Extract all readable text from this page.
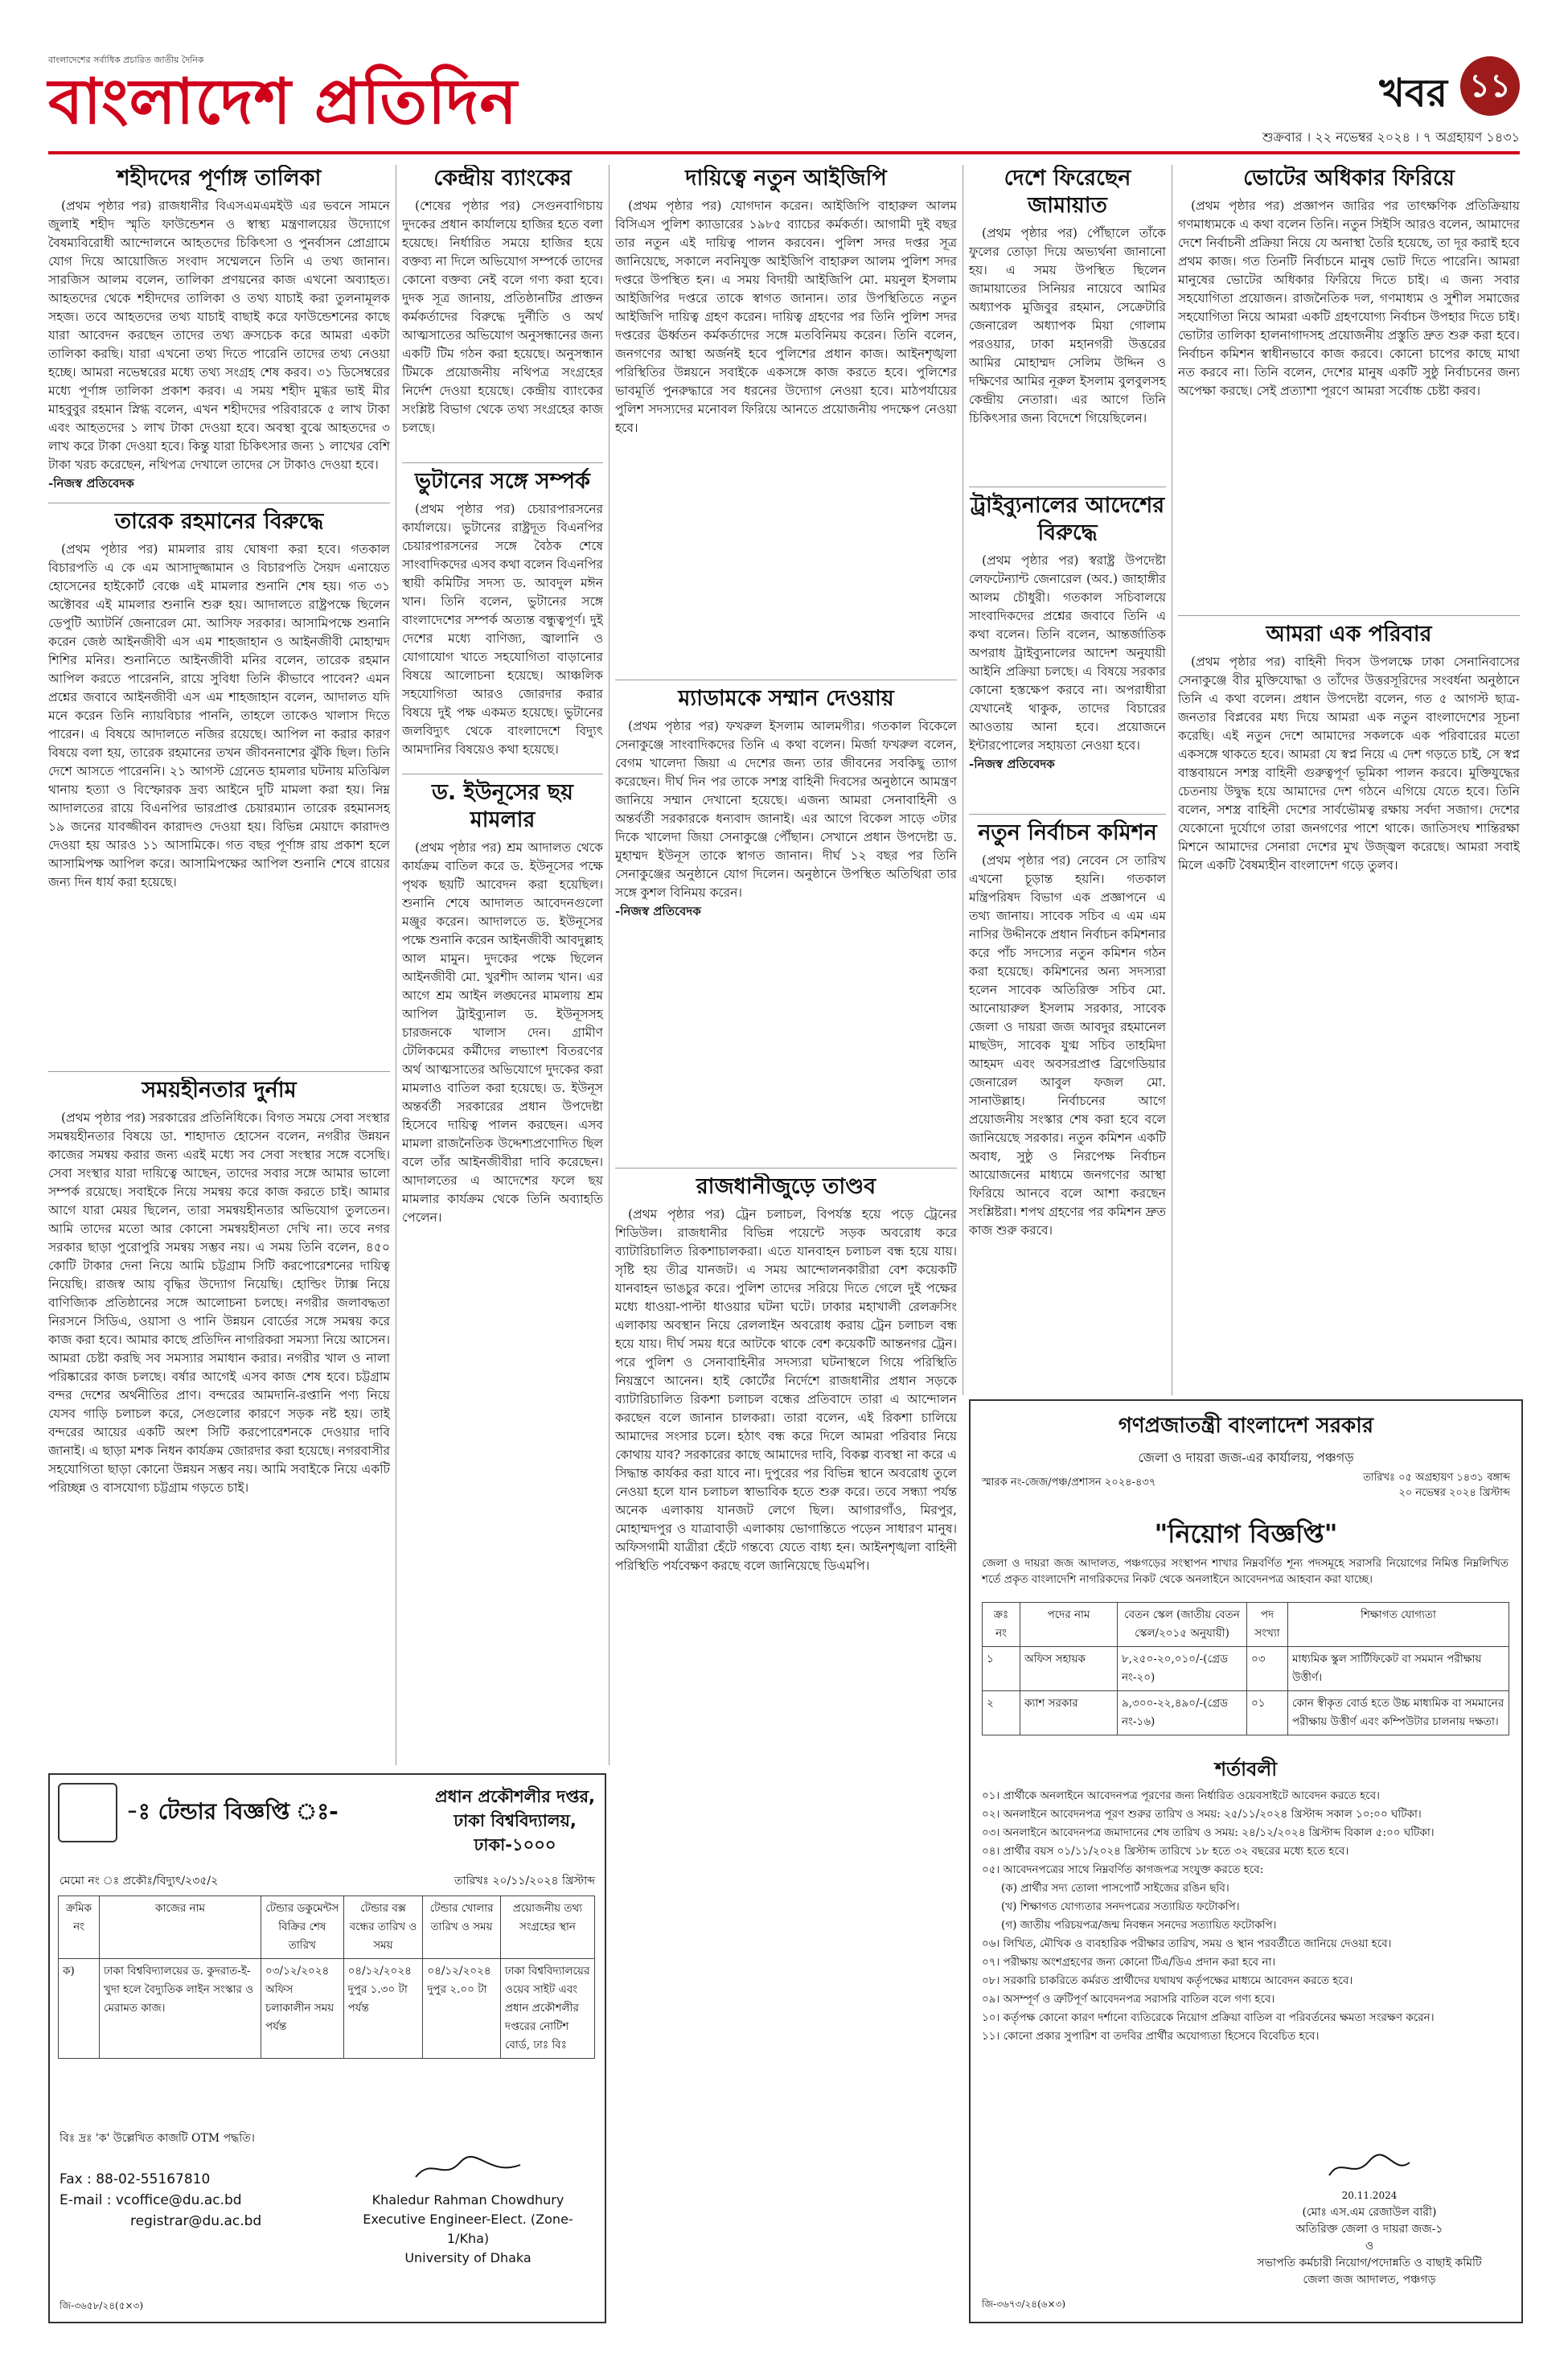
বাংলাদেশের সর্বাধিক প্রচারিত জাতীয় দৈনিক
বাংলাদেশ প্রতিদিন	খবর ১১
শুক্রবার । ২২ নভেম্বর ২০২৪ । ৭ অগ্রহায়ণ ১৪৩১
শহীদদের পূর্ণাঙ্গ তালিকা

(প্রথম পৃষ্ঠার পর) রাজধানীর বিএসএমএমইউ এর ভবনে সামনে জুলাই শহীদ স্মৃতি ফাউন্ডেশন ও স্বাস্থ্য মন্ত্রণালয়ের উদ্যোগে বৈষম্যবিরোধী আন্দোলনে আহতদের চিকিৎসা ও পুনর্বাসন প্রোগ্রামে যোগ দিয়ে আয়োজিত সংবাদ সম্মেলনে তিনি এ তথ্য জানান। সারজিস আলম বলেন, তালিকা প্রণয়নের কাজ এখনো অব্যাহত। আহতদের থেকে শহীদদের তালিকা ও তথ্য যাচাই করা তুলনামূলক সহজ। তবে আহতদের তথ্য যাচাই বাছাই করে ফাউন্ডেশনের কাছে যারা আবেদন করছেন তাদের তথ্য ক্রসচেক করে আমরা একটা তালিকা করছি। যারা এখনো তথ্য দিতে পারেনি তাদের তথ্য নেওয়া হচ্ছে। আমরা নভেম্বরের মধ্যে তথ্য সংগ্রহ শেষ করব। ৩১ ডিসেম্বরের মধ্যে পূর্ণাঙ্গ তালিকা প্রকাশ করব। এ সময় শহীদ মুগ্ধর ভাই মীর মাহবুবুর রহমান স্নিগ্ধ বলেন, এখন শহীদদের পরিবারকে ৫ লাখ টাকা এবং আহতদের ১ লাখ টাকা দেওয়া হবে। অবস্থা বুঝে আহতদের ৩ লাখ করে টাকা দেওয়া হবে। কিন্তু যারা চিকিৎসার জন্য ১ লাখের বেশি টাকা খরচ করেছেন, নথিপত্র দেখালে তাদের সে টাকাও দেওয়া হবে।

-নিজস্ব প্রতিবেদক
তারেক রহমানের বিরুদ্ধে

(প্রথম পৃষ্ঠার পর) মামলার রায় ঘোষণা করা হবে। গতকাল বিচারপতি এ কে এম আসাদুজ্জামান ও বিচারপতি সৈয়দ এনায়েত হোসেনের হাইকোর্ট বেঞ্চে এই মামলার শুনানি শেষ হয়। গত ৩১ অক্টোবর এই মামলার শুনানি শুরু হয়। আদালতে রাষ্ট্রপক্ষে ছিলেন ডেপুটি অ্যাটর্নি জেনারেল মো. আসিফ সরকার। আসামিপক্ষে শুনানি করেন জেষ্ঠ আইনজীবী এস এম শাহজাহান ও আইনজীবী মোহাম্মদ শিশির মনির। শুনানিতে আইনজীবী মনির বলেন, তারেক রহমান আপিল করতে পারেননি, রায়ে সুবিধা তিনি কীভাবে পাবেন? এমন প্রশ্নের জবাবে আইনজীবী এস এম শাহজাহান বলেন, আদালত যদি মনে করেন তিনি ন্যায়বিচার পাননি, তাহলে তাকেও খালাস দিতে পারেন। এ বিষয়ে আদালতে নজির রয়েছে। আপিল না করার কারণ বিষয়ে বলা হয়, তারেক রহমানের তখন জীবননাশের ঝুঁকি ছিল। তিনি দেশে আসতে পারেননি। ২১ আগস্ট গ্রেনেড হামলার ঘটনায় মতিঝিল থানায় হত্যা ও বিস্ফোরক দ্রব্য আইনে দুটি মামলা করা হয়। নিম্ন আদালতের রায়ে বিএনপির ভারপ্রাপ্ত চেয়ারম্যান তারেক রহমানসহ ১৯ জনের যাবজ্জীবন কারাদণ্ড দেওয়া হয়। বিভিন্ন মেয়াদে কারাদণ্ড দেওয়া হয় আরও ১১ আসামিকে। গত বছর পূর্ণাঙ্গ রায় প্রকাশ হলে আসামিপক্ষ আপিল করে। আসামিপক্ষের আপিল শুনানি শেষে রায়ের জন্য দিন ধার্য করা হয়েছে।

সময়হীনতার দুর্নাম

(প্রথম পৃষ্ঠার পর) সরকারের প্রতিনিধিকে। বিগত সময়ে সেবা সংস্থার সমন্বয়হীনতার বিষয়ে ডা. শাহাদাত হোসেন বলেন, নগরীর উন্নয়ন কাজের সমন্বয় করার জন্য এরই মধ্যে সব সেবা সংস্থার সঙ্গে বসেছি। সেবা সংস্থার যারা দায়িত্বে আছেন, তাদের সবার সঙ্গে আমার ভালো সম্পর্ক রয়েছে। সবাইকে নিয়ে সমন্বয় করে কাজ করতে চাই। আমার আগে যারা মেয়র ছিলেন, তারা সমন্বয়হীনতার অভিযোগ তুলতেন। আমি তাদের মতো আর কোনো সমন্বয়হীনতা দেখি না। তবে নগর সরকার ছাড়া পুরোপুরি সমন্বয় সম্ভব নয়। এ সময় তিনি বলেন, ৪৫০ কোটি টাকার দেনা নিয়ে আমি চট্টগ্রাম সিটি করপোরেশনের দায়িত্ব নিয়েছি। রাজস্ব আয় বৃদ্ধির উদ্যোগ নিয়েছি। হোল্ডিং ট্যাক্স নিয়ে বাণিজ্যিক প্রতিষ্ঠানের সঙ্গে আলোচনা চলছে। নগরীর জলাবদ্ধতা নিরসনে সিডিএ, ওয়াসা ও পানি উন্নয়ন বোর্ডের সঙ্গে সমন্বয় করে কাজ করা হবে। আমার কাছে প্রতিদিন নাগরিকরা সমস্যা নিয়ে আসেন। আমরা চেষ্টা করছি সব সমস্যার সমাধান করার। নগরীর খাল ও নালা পরিষ্কারের কাজ চলছে। বর্ষার আগেই এসব কাজ শেষ হবে। চট্টগ্রাম বন্দর দেশের অর্থনীতির প্রাণ। বন্দরের আমদানি-রপ্তানি পণ্য নিয়ে যেসব গাড়ি চলাচল করে, সেগুলোর কারণে সড়ক নষ্ট হয়। তাই বন্দরের আয়ের একটি অংশ সিটি করপোরেশনকে দেওয়ার দাবি জানাই। এ ছাড়া মশক নিধন কার্যক্রম জোরদার করা হয়েছে। নগরবাসীর সহযোগিতা ছাড়া কোনো উন্নয়ন সম্ভব নয়। আমি সবাইকে নিয়ে একটি পরিচ্ছন্ন ও বাসযোগ্য চট্টগ্রাম গড়তে চাই।

কেন্দ্রীয় ব্যাংকের

(শেষের পৃষ্ঠার পর) সেগুনবাগিচায় দুদকের প্রধান কার্যালয়ে হাজির হতে বলা হয়েছে। নির্ধারিত সময়ে হাজির হয়ে বক্তব্য না দিলে অভিযোগ সম্পর্কে তাদের কোনো বক্তব্য নেই বলে গণ্য করা হবে। দুদক সূত্র জানায়, প্রতিষ্ঠানটির প্রাক্তন কর্মকর্তাদের বিরুদ্ধে দুর্নীতি ও অর্থ আত্মসাতের অভিযোগ অনুসন্ধানের জন্য একটি টিম গঠন করা হয়েছে। অনুসন্ধান টিমকে প্রয়োজনীয় নথিপত্র সংগ্রহের নির্দেশ দেওয়া হয়েছে। কেন্দ্রীয় ব্যাংকের সংশ্লিষ্ট বিভাগ থেকে তথ্য সংগ্রহের কাজ চলছে।

ভুটানের সঙ্গে সম্পর্ক

(প্রথম পৃষ্ঠার পর) চেয়ারপারসনের কার্যালয়ে। ভুটানের রাষ্ট্রদূত বিএনপির চেয়ারপারসনের সঙ্গে বৈঠক শেষে সাংবাদিকদের এসব কথা বলেন বিএনপির স্থায়ী কমিটির সদস্য ড. আবদুল মঈন খান। তিনি বলেন, ভুটানের সঙ্গে বাংলাদেশের সম্পর্ক অত্যন্ত বন্ধুত্বপূর্ণ। দুই দেশের মধ্যে বাণিজ্য, জ্বালানি ও যোগাযোগ খাতে সহযোগিতা বাড়ানোর বিষয়ে আলোচনা হয়েছে। আঞ্চলিক সহযোগিতা আরও জোরদার করার বিষয়ে দুই পক্ষ একমত হয়েছে। ভুটানের জলবিদ্যুৎ থেকে বাংলাদেশে বিদ্যুৎ আমদানির বিষয়েও কথা হয়েছে।

ড. ইউনূসের ছয় মামলার

(প্রথম পৃষ্ঠার পর) শ্রম আদালত থেকে কার্যক্রম বাতিল করে ড. ইউনূসের পক্ষে পৃথক ছয়টি আবেদন করা হয়েছিল। শুনানি শেষে আদালত আবেদনগুলো মঞ্জুর করেন। আদালতে ড. ইউনূসের পক্ষে শুনানি করেন আইনজীবী আবদুল্লাহ আল মামুন। দুদকের পক্ষে ছিলেন আইনজীবী মো. খুরশীদ আলম খান। এর আগে শ্রম আইন লঙ্ঘনের মামলায় শ্রম আপিল ট্রাইব্যুনাল ড. ইউনূসসহ চারজনকে খালাস দেন। গ্রামীণ টেলিকমের কর্মীদের লভ্যাংশ বিতরণের অর্থ আত্মসাতের অভিযোগে দুদকের করা মামলাও বাতিল করা হয়েছে। ড. ইউনূস অন্তর্বর্তী সরকারের প্রধান উপদেষ্টা হিসেবে দায়িত্ব পালন করছেন। এসব মামলা রাজনৈতিক উদ্দেশ্যপ্রণোদিত ছিল বলে তাঁর আইনজীবীরা দাবি করেছেন। আদালতের এ আদেশের ফলে ছয় মামলার কার্যক্রম থেকে তিনি অব্যাহতি পেলেন।

দায়িত্বে নতুন আইজিপি

(প্রথম পৃষ্ঠার পর) যোগদান করেন। আইজিপি বাহারুল আলম বিসিএস পুলিশ ক্যাডারের ১৯৮৫ ব্যাচের কর্মকর্তা। আগামী দুই বছর তার নতুন এই দায়িত্ব পালন করবেন। পুলিশ সদর দপ্তর সূত্র জানিয়েছে, সকালে নবনিযুক্ত আইজিপি বাহারুল আলম পুলিশ সদর দপ্তরে উপস্থিত হন। এ সময় বিদায়ী আইজিপি মো. ময়নুল ইসলাম আইজিপির দপ্তরে তাকে স্বাগত জানান। তার উপস্থিতিতে নতুন আইজিপি দায়িত্ব গ্রহণ করেন। দায়িত্ব গ্রহণের পর তিনি পুলিশ সদর দপ্তরের ঊর্ধ্বতন কর্মকর্তাদের সঙ্গে মতবিনিময় করেন। তিনি বলেন, জনগণের আস্থা অর্জনই হবে পুলিশের প্রধান কাজ। আইনশৃঙ্খলা পরিস্থিতির উন্নয়নে সবাইকে একসঙ্গে কাজ করতে হবে। পুলিশের ভাবমূর্তি পুনরুদ্ধারে সব ধরনের উদ্যোগ নেওয়া হবে। মাঠপর্যায়ের পুলিশ সদস্যদের মনোবল ফিরিয়ে আনতে প্রয়োজনীয় পদক্ষেপ নেওয়া হবে।

ম্যাডামকে সম্মান দেওয়ায়

(প্রথম পৃষ্ঠার পর) ফখরুল ইসলাম আলমগীর। গতকাল বিকেলে সেনাকুঞ্জে সাংবাদিকদের তিনি এ কথা বলেন। মির্জা ফখরুল বলেন, বেগম খালেদা জিয়া এ দেশের জন্য তার জীবনের সবকিছু ত্যাগ করেছেন। দীর্ঘ দিন পর তাকে সশস্ত্র বাহিনী দিবসের অনুষ্ঠানে আমন্ত্রণ জানিয়ে সম্মান দেখানো হয়েছে। এজন্য আমরা সেনাবাহিনী ও অন্তর্বর্তী সরকারকে ধন্যবাদ জানাই। এর আগে বিকেল সাড়ে ৩টার দিকে খালেদা জিয়া সেনাকুঞ্জে পৌঁছান। সেখানে প্রধান উপদেষ্টা ড. মুহাম্মদ ইউনূস তাকে স্বাগত জানান। দীর্ঘ ১২ বছর পর তিনি সেনাকুঞ্জের অনুষ্ঠানে যোগ দিলেন। অনুষ্ঠানে উপস্থিত অতিথিরা তার সঙ্গে কুশল বিনিময় করেন।

-নিজস্ব প্রতিবেদক
রাজধানীজুড়ে তাণ্ডব

(প্রথম পৃষ্ঠার পর) ট্রেন চলাচল, বিপর্যস্ত হয়ে পড়ে ট্রেনের শিডিউল। রাজধানীর বিভিন্ন পয়েন্টে সড়ক অবরোধ করে ব্যাটারিচালিত রিকশাচালকরা। এতে যানবাহন চলাচল বন্ধ হয়ে যায়। সৃষ্টি হয় তীব্র যানজট। এ সময় আন্দোলনকারীরা বেশ কয়েকটি যানবাহন ভাঙচুর করে। পুলিশ তাদের সরিয়ে দিতে গেলে দুই পক্ষের মধ্যে ধাওয়া-পাল্টা ধাওয়ার ঘটনা ঘটে। ঢাকার মহাখালী রেলক্রসিং এলাকায় অবস্থান নিয়ে রেললাইন অবরোধ করায় ট্রেন চলাচল বন্ধ হয়ে যায়। দীর্ঘ সময় ধরে আটকে থাকে বেশ কয়েকটি আন্তনগর ট্রেন। পরে পুলিশ ও সেনাবাহিনীর সদস্যরা ঘটনাস্থলে গিয়ে পরিস্থিতি নিয়ন্ত্রণে আনেন। হাই কোর্টের নির্দেশে রাজধানীর প্রধান সড়কে ব্যাটারিচালিত রিকশা চলাচল বন্ধের প্রতিবাদে তারা এ আন্দোলন করছেন বলে জানান চালকরা। তারা বলেন, এই রিকশা চালিয়ে আমাদের সংসার চলে। হঠাৎ বন্ধ করে দিলে আমরা পরিবার নিয়ে কোথায় যাব? সরকারের কাছে আমাদের দাবি, বিকল্প ব্যবস্থা না করে এ সিদ্ধান্ত কার্যকর করা যাবে না। দুপুরের পর বিভিন্ন স্থানে অবরোধ তুলে নেওয়া হলে যান চলাচল স্বাভাবিক হতে শুরু করে। তবে সন্ধ্যা পর্যন্ত অনেক এলাকায় যানজট লেগে ছিল। আগারগাঁও, মিরপুর, মোহাম্মদপুর ও যাত্রাবাড়ী এলাকায় ভোগান্তিতে পড়েন সাধারণ মানুষ। অফিসগামী যাত্রীরা হেঁটে গন্তব্যে যেতে বাধ্য হন। আইনশৃঙ্খলা বাহিনী পরিস্থিতি পর্যবেক্ষণ করছে বলে জানিয়েছে ডিএমপি।

দেশে ফিরেছেন জামায়াত

(প্রথম পৃষ্ঠার পর) পৌঁছালে তাঁকে ফুলের তোড়া দিয়ে অভ্যর্থনা জানানো হয়। এ সময় উপস্থিত ছিলেন জামায়াতের সিনিয়র নায়েবে আমির অধ্যাপক মুজিবুর রহমান, সেক্রেটারি জেনারেল অধ্যাপক মিয়া গোলাম পরওয়ার, ঢাকা মহানগরী উত্তরের আমির মোহাম্মদ সেলিম উদ্দিন ও দক্ষিণের আমির নূরুল ইসলাম বুলবুলসহ কেন্দ্রীয় নেতারা। এর আগে তিনি চিকিৎসার জন্য বিদেশে গিয়েছিলেন।

ট্রাইব্যুনালের আদেশের বিরুদ্ধে

(প্রথম পৃষ্ঠার পর) স্বরাষ্ট্র উপদেষ্টা লেফটেন্যান্ট জেনারেল (অব.) জাহাঙ্গীর আলম চৌধুরী। গতকাল সচিবালয়ে সাংবাদিকদের প্রশ্নের জবাবে তিনি এ কথা বলেন। তিনি বলেন, আন্তর্জাতিক অপরাধ ট্রাইব্যুনালের আদেশ অনুযায়ী আইনি প্রক্রিয়া চলছে। এ বিষয়ে সরকার কোনো হস্তক্ষেপ করবে না। অপরাধীরা যেখানেই থাকুক, তাদের বিচারের আওতায় আনা হবে। প্রয়োজনে ইন্টারপোলের সহায়তা নেওয়া হবে।

-নিজস্ব প্রতিবেদক
নতুন নির্বাচন কমিশন

(প্রথম পৃষ্ঠার পর) নেবেন সে তারিখ এখনো চূড়ান্ত হয়নি। গতকাল মন্ত্রিপরিষদ বিভাগ এক প্রজ্ঞাপনে এ তথ্য জানায়। সাবেক সচিব এ এম এম নাসির উদ্দীনকে প্রধান নির্বাচন কমিশনার করে পাঁচ সদস্যের নতুন কমিশন গঠন করা হয়েছে। কমিশনের অন্য সদস্যরা হলেন সাবেক অতিরিক্ত সচিব মো. আনোয়ারুল ইসলাম সরকার, সাবেক জেলা ও দায়রা জজ আবদুর রহমানেল মাছউদ, সাবেক যুগ্ম সচিব তাহমিদা আহমদ এবং অবসরপ্রাপ্ত ব্রিগেডিয়ার জেনারেল আবুল ফজল মো. সানাউল্লাহ। নির্বাচনের আগে প্রয়োজনীয় সংস্কার শেষ করা হবে বলে জানিয়েছে সরকার। নতুন কমিশন একটি অবাধ, সুষ্ঠু ও নিরপেক্ষ নির্বাচন আয়োজনের মাধ্যমে জনগণের আস্থা ফিরিয়ে আনবে বলে আশা করছেন সংশ্লিষ্টরা। শপথ গ্রহণের পর কমিশন দ্রুত কাজ শুরু করবে।

ভোটের অধিকার ফিরিয়ে

(প্রথম পৃষ্ঠার পর) প্রজ্ঞাপন জারির পর তাৎক্ষণিক প্রতিক্রিয়ায় গণমাধ্যমকে এ কথা বলেন তিনি। নতুন সিইসি আরও বলেন, আমাদের দেশে নির্বাচনী প্রক্রিয়া নিয়ে যে অনাস্থা তৈরি হয়েছে, তা দূর করাই হবে প্রথম কাজ। গত তিনটি নির্বাচনে মানুষ ভোট দিতে পারেনি। আমরা মানুষের ভোটের অধিকার ফিরিয়ে দিতে চাই। এ জন্য সবার সহযোগিতা প্রয়োজন। রাজনৈতিক দল, গণমাধ্যম ও সুশীল সমাজের সহযোগিতা নিয়ে আমরা একটি গ্রহণযোগ্য নির্বাচন উপহার দিতে চাই। ভোটার তালিকা হালনাগাদসহ প্রয়োজনীয় প্রস্তুতি দ্রুত শুরু করা হবে। নির্বাচন কমিশন স্বাধীনভাবে কাজ করবে। কোনো চাপের কাছে মাথা নত করবে না। তিনি বলেন, দেশের মানুষ একটি সুষ্ঠু নির্বাচনের জন্য অপেক্ষা করছে। সেই প্রত্যাশা পূরণে আমরা সর্বোচ্চ চেষ্টা করব।

আমরা এক পরিবার

(প্রথম পৃষ্ঠার পর) বাহিনী দিবস উপলক্ষে ঢাকা সেনানিবাসের সেনাকুঞ্জে বীর মুক্তিযোদ্ধা ও তাঁদের উত্তরসূরিদের সংবর্ধনা অনুষ্ঠানে তিনি এ কথা বলেন। প্রধান উপদেষ্টা বলেন, গত ৫ আগস্ট ছাত্র-জনতার বিপ্লবের মধ্য দিয়ে আমরা এক নতুন বাংলাদেশের সূচনা করেছি। এই নতুন দেশে আমাদের সকলকে এক পরিবারের মতো একসঙ্গে থাকতে হবে। আমরা যে স্বপ্ন নিয়ে এ দেশ গড়তে চাই, সে স্বপ্ন বাস্তবায়নে সশস্ত্র বাহিনী গুরুত্বপূর্ণ ভূমিকা পালন করবে। মুক্তিযুদ্ধের চেতনায় উদ্বুদ্ধ হয়ে আমাদের দেশ গঠনে এগিয়ে যেতে হবে। তিনি বলেন, সশস্ত্র বাহিনী দেশের সার্বভৌমত্ব রক্ষায় সর্বদা সজাগ। দেশের যেকোনো দুর্যোগে তারা জনগণের পাশে থাকে। জাতিসংঘ শান্তিরক্ষা মিশনে আমাদের সেনারা দেশের মুখ উজ্জ্বল করেছে। আমরা সবাই মিলে একটি বৈষম্যহীন বাংলাদেশ গড়ে তুলব।

-ঃ টেন্ডার বিজ্ঞপ্তি ঃ-
প্রধান প্রকৌশলীর দপ্তর,
ঢাকা বিশ্ববিদ্যালয়,
ঢাকা-১০০০
মেমো নং ঃ প্রকৌঃ/বিদ্যুৎ/২৩৫/২	তারিখঃ ২০/১১/২০২৪ খ্রিস্টাব্দ
ক্রমিক নং	কাজের নাম	টেন্ডার ডকুমেন্টস বিক্রির শেষ তারিখ	টেন্ডার বক্স বন্ধের তারিখ ও সময়	টেন্ডার খোলার তারিখ ও সময়	প্রয়োজনীয় তথ্য সংগ্রহের স্থান
ক)	ঢাকা বিশ্ববিদ্যালয়ের ড. কুদরাত-ই-খুদা হলে বৈদ্যুতিক লাইন সংস্কার ও মেরামত কাজ।	০৩/১২/২০২৪ অফিস চলাকালীন সময় পর্যন্ত	০৪/১২/২০২৪ দুপুর ১.৩০ টা পর্যন্ত	০৪/১২/২০২৪ দুপুর ২.০০ টা	ঢাকা বিশ্ববিদ্যালয়ের ওয়েব সাইট এবং প্রধান প্রকৌশলীর দপ্তরের নোটিশ বোর্ড, ঢাঃ বিঃ
বিঃ দ্রঃ 'ক' উল্লেখিত কাজটি OTM পদ্ধতি।
Fax : 88-02-55167810
E-mail : vcoffice@du.ac.bd
registrar@du.ac.bd
Khaledur Rahman Chowdhury
Executive Engineer-Elect. (Zone-1/Kha)
University of Dhaka
জি-৩৬৫৮/২৪(৫×৩)
গণপ্রজাতন্ত্রী বাংলাদেশ সরকার
জেলা ও দায়রা জজ-এর কার্যালয়, পঞ্চগড়
স্মারক নং-জেজ/পঞ্চ/প্রশাসন ২০২৪-৪৩৭	তারিখঃ ০৫ অগ্রহায়ণ ১৪৩১ বঙ্গাব্দ
২০ নভেম্বর ২০২৪ খ্রিস্টাব্দ
"নিয়োগ বিজ্ঞপ্তি"
জেলা ও দায়রা জজ আদালত, পঞ্চগড়ের সংস্থাপন শাখার নিম্নবর্ণিত শূন্য পদসমূহে সরাসরি নিয়োগের নিমিত্ত নিম্নলিখিত শর্তে প্রকৃত বাংলাদেশি নাগরিকদের নিকট থেকে অনলাইনে আবেদনপত্র আহবান করা যাচ্ছে।
ক্রঃ নং	পদের নাম	বেতন স্কেল (জাতীয় বেতন স্কেল/২০১৫ অনুযায়ী)	পদ সংখ্যা	শিক্ষাগত যোগ্যতা
১	অফিস সহায়ক	৮,২৫০-২০,০১০/-(গ্রেড নং-২০)	০৩	মাধ্যমিক স্কুল সার্টিফিকেট বা সমমান পরীক্ষায় উত্তীর্ণ।
২	ক্যাশ সরকার	৯,৩০০-২২,৪৯০/-(গ্রেড নং-১৬)	০১	কোন স্বীকৃত বোর্ড হতে উচ্চ মাধ্যমিক বা সমমানের পরীক্ষায় উত্তীর্ণ এবং কম্পিউটার চালনায় দক্ষতা।
শর্তাবলী
০১। প্রার্থীকে অনলাইনে আবেদনপত্র পূরণের জন্য নির্ধারিত ওয়েবসাইটে আবেদন করতে হবে।
০২। অনলাইনে আবেদনপত্র পূরণ শুরুর তারিখ ও সময়: ২৫/১১/২০২৪ খ্রিস্টাব্দ সকাল ১০:০০ ঘটিকা।
০৩। অনলাইনে আবেদনপত্র জমাদানের শেষ তারিখ ও সময়: ২৪/১২/২০২৪ খ্রিস্টাব্দ বিকাল ৫:০০ ঘটিকা।
০৪। প্রার্থীর বয়স ০১/১১/২০২৪ খ্রিস্টাব্দ তারিখে ১৮ হতে ৩২ বছরের মধ্যে হতে হবে।
০৫। আবেদনপত্রের সাথে নিম্নবর্ণিত কাগজপত্র সংযুক্ত করতে হবে:
(ক) প্রার্থীর সদ্য তোলা পাসপোর্ট সাইজের রঙিন ছবি।
(খ) শিক্ষাগত যোগ্যতার সনদপত্রের সত্যায়িত ফটোকপি।
(গ) জাতীয় পরিচয়পত্র/জন্ম নিবন্ধন সনদের সত্যায়িত ফটোকপি।
০৬। লিখিত, মৌখিক ও ব্যবহারিক পরীক্ষার তারিখ, সময় ও স্থান পরবর্তীতে জানিয়ে দেওয়া হবে।
০৭। পরীক্ষায় অংশগ্রহণের জন্য কোনো টিএ/ডিএ প্রদান করা হবে না।
০৮। সরকারি চাকরিতে কর্মরত প্রার্থীদের যথাযথ কর্তৃপক্ষের মাধ্যমে আবেদন করতে হবে।
০৯। অসম্পূর্ণ ও ত্রুটিপূর্ণ আবেদনপত্র সরাসরি বাতিল বলে গণ্য হবে।
১০। কর্তৃপক্ষ কোনো কারণ দর্শানো ব্যতিরেকে নিয়োগ প্রক্রিয়া বাতিল বা পরিবর্তনের ক্ষমতা সংরক্ষণ করেন।
১১। কোনো প্রকার সুপারিশ বা তদবির প্রার্থীর অযোগ্যতা হিসেবে বিবেচিত হবে।
20.11.2024
(মোঃ এস.এম রেজাউল বারী)
অতিরিক্ত জেলা ও দায়রা জজ-১
ও
সভাপতি কর্মচারী নিয়োগ/পদোন্নতি ও বাছাই কমিটি
জেলা জজ আদালত, পঞ্চগড়
জি-৩৬৭৩/২৪(৬×৩)
